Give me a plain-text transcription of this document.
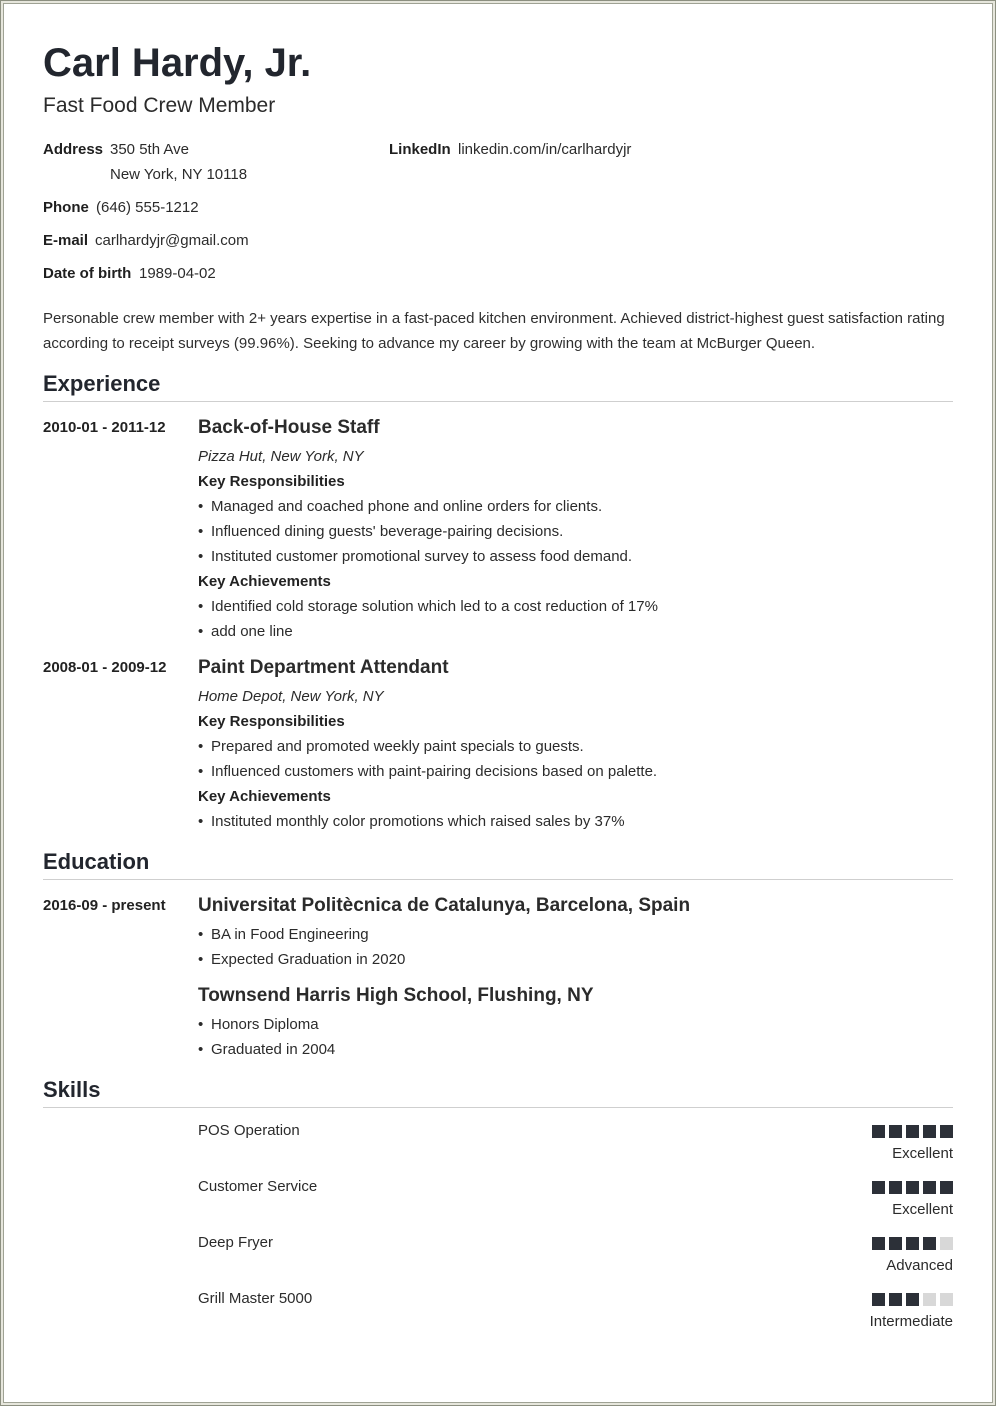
Carl Hardy, Jr.
Fast Food Crew Member
Address 350 5th Ave
New York, NY 10118
LinkedIn linkedin.com/in/carlhardyjr
Phone (646) 555-1212
E-mail carlhardyjr@gmail.com
Date of birth 1989-04-02
Personable crew member with 2+ years expertise in a fast-paced kitchen environment. Achieved district-highest guest satisfaction rating according to receipt surveys (99.96%). Seeking to advance my career by growing with the team at McBurger Queen.
Experience
2010-01 - 2011-12 Back-of-House Staff
Pizza Hut, New York, NY
Key Responsibilities
• Managed and coached phone and online orders for clients.
• Influenced dining guests' beverage-pairing decisions.
• Instituted customer promotional survey to assess food demand.
Key Achievements
• Identified cold storage solution which led to a cost reduction of 17%
• add one line
2008-01 - 2009-12 Paint Department Attendant
Home Depot, New York, NY
Key Responsibilities
• Prepared and promoted weekly paint specials to guests.
• Influenced customers with paint-pairing decisions based on palette.
Key Achievements
• Instituted monthly color promotions which raised sales by 37%
Education
2016-09 - present Universitat Politècnica de Catalunya, Barcelona, Spain
• BA in Food Engineering
• Expected Graduation in 2020
Townsend Harris High School, Flushing, NY
• Honors Diploma
• Graduated in 2004
Skills
POS Operation
Excellent
Customer Service
Excellent
Deep Fryer
Advanced
Grill Master 5000
Intermediate
